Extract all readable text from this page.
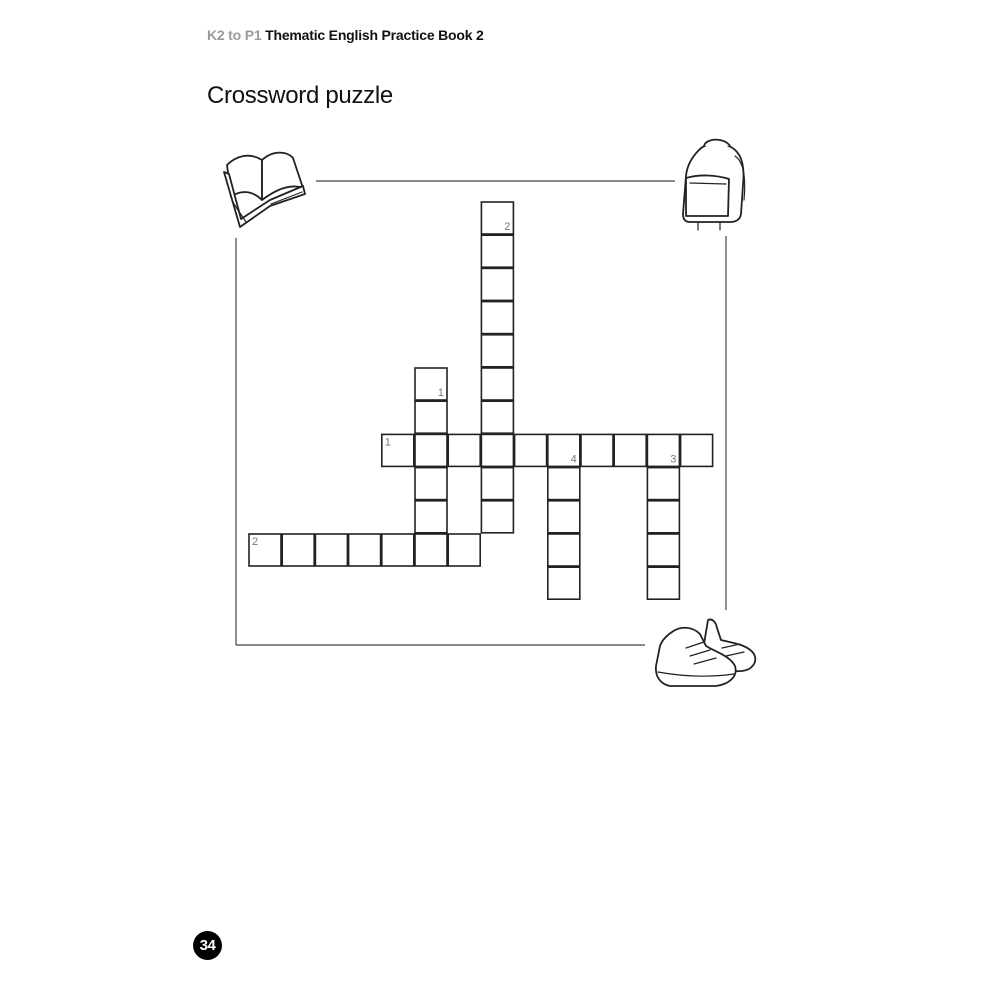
K2 to P1 Thematic English Practice Book 2
Crossword puzzle
1
2
1
2
3
4
34
